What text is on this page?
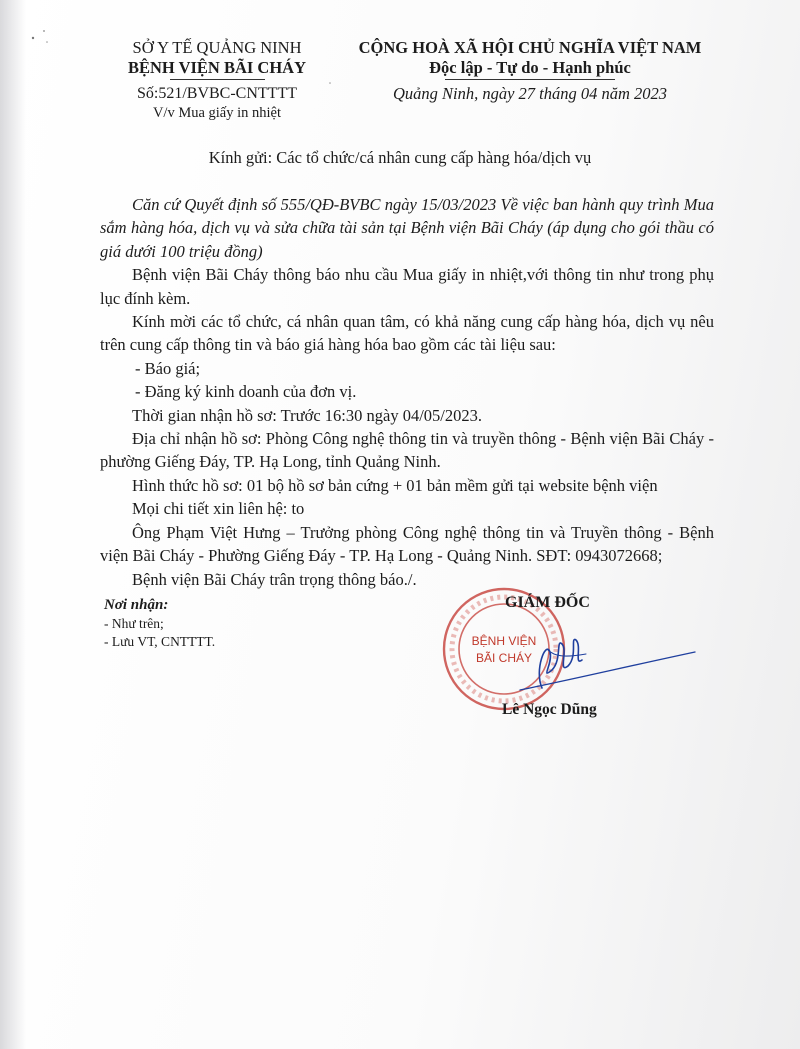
SỞ Y TẾ QUẢNG NINH
BỆNH VIỆN BÃI CHÁY
Số:521/BVBC-CNTTTT
V/v Mua giấy in nhiệt
CỘNG HOÀ XÃ HỘI CHỦ NGHĨA VIỆT NAM
Độc lập - Tự do - Hạnh phúc
Quảng Ninh, ngày 27 tháng 04 năm 2023
Kính gửi: Các tổ chức/cá nhân cung cấp hàng hóa/dịch vụ

Căn cứ Quyết định số 555/QĐ-BVBC ngày 15/03/2023 Về việc ban hành quy trình Mua sắm hàng hóa, dịch vụ và sửa chữa tài sản tại Bệnh viện Bãi Cháy (áp dụng cho gói thầu có giá dưới 100 triệu đồng)

Bệnh viện Bãi Cháy thông báo nhu cầu Mua giấy in nhiệt,với thông tin như trong phụ lục đính kèm.

Kính mời các tổ chức, cá nhân quan tâm, có khả năng cung cấp hàng hóa, dịch vụ nêu trên cung cấp thông tin và báo giá hàng hóa bao gồm các tài liệu sau:

- Báo giá;

- Đăng ký kinh doanh của đơn vị.

Thời gian nhận hồ sơ: Trước 16:30 ngày 04/05/2023.

Địa chỉ nhận hồ sơ: Phòng Công nghệ thông tin và truyền thông - Bệnh viện Bãi Cháy - phường Giếng Đáy, TP. Hạ Long, tỉnh Quảng Ninh.

Hình thức hồ sơ: 01 bộ hồ sơ bản cứng + 01 bản mềm gửi tại website bệnh viện

Mọi chi tiết xin liên hệ: to

Ông Phạm Việt Hưng – Trưởng phòng Công nghệ thông tin và Truyền thông - Bệnh viện Bãi Cháy - Phường Giếng Đáy - TP. Hạ Long - Quảng Ninh. SĐT: 0943072668;

Bệnh viện Bãi Cháy trân trọng thông báo./.

Nơi nhận:
- Như trên;
- Lưu VT, CNTTTT.	BỆNH VIỆN
BÃI CHÁY
GIÁM ĐỐC
Lê Ngọc Dũng
